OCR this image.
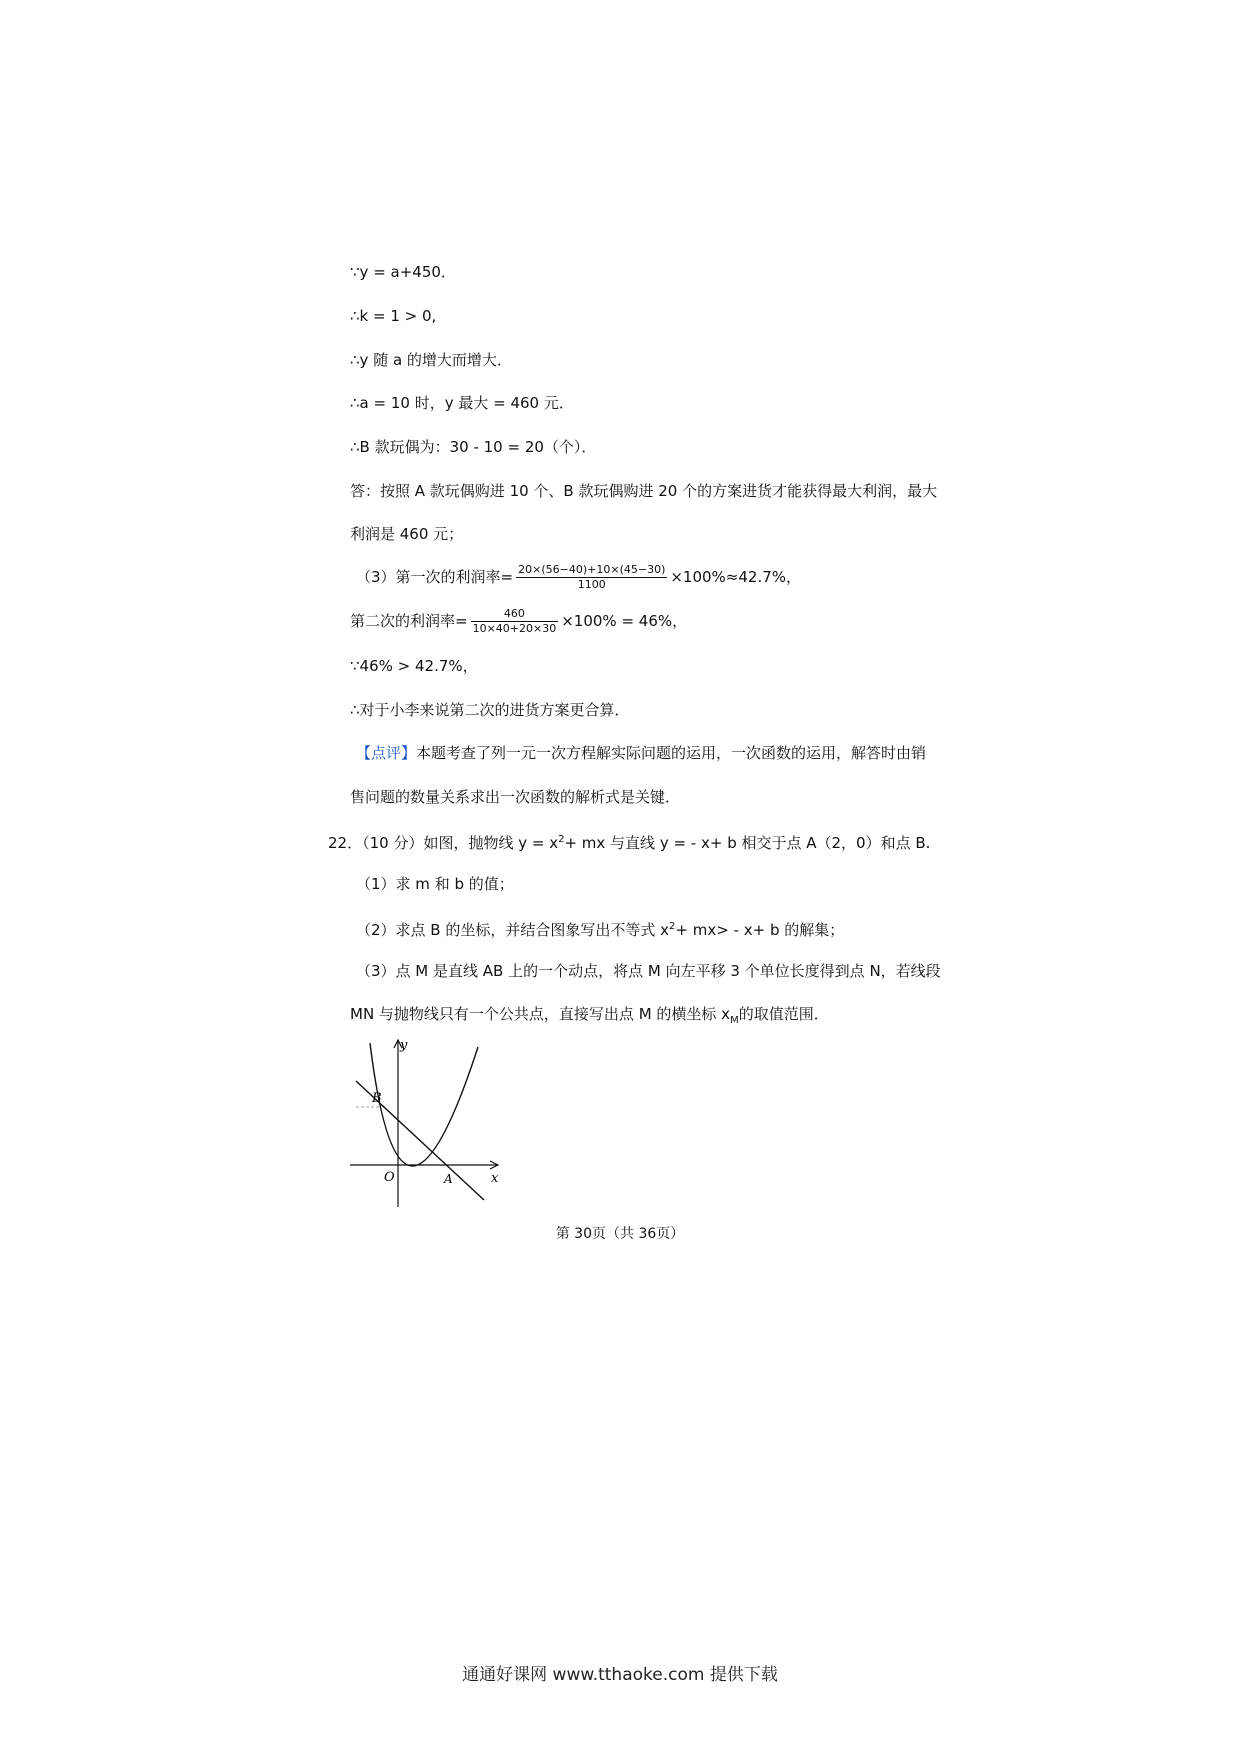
∵y = a+450．
∴k = 1 > 0,
∴y 随 a 的增大而增大．
∴a = 10 时，y 最大 = 460 元．
∴B 款玩偶为：30 - 10 = 20（个）．
答：按照 A 款玩偶购进 10 个、B 款玩偶购进 20 个的方案进货才能获得最大利润，最大
利润是 460 元；
（3）第一次的利润率= $\frac{20\times(56-40)+10\times(45-30)}{1100} \times 100\%\approx 42.7\%$，
第二次的利润率= $\frac{460}{10\times 40+20\times 30} \times 100\% = 46\%$，
∵46% > 42.7%，
∴对于小李来说第二次的进货方案更合算．
【点评】本题考查了列一元一次方程解实际问题的运用，一次函数的运用，解答时由销
售问题的数量关系求出一次函数的解析式是关键．
22．（10 分）如图，抛物线 $y = x^2+$ mx 与直线 y = - x+ b 相交于点 A（2，0）和点 B.
（1）求 m 和 b 的值；
（2）求点 B 的坐标，并结合图象写出不等式 $x^2+ mx> - x+ b$ 的解集；
（3）点 M 是直线 AB 上的一个动点，将点 M 向左平移 3 个单位长度得到点 N，若线段
MN 与抛物线只有一个公共点，直接写出点 M 的横坐标 $x_M$的取值范围．
y
x
O	A
B
第 30页（共 36页）
通通好课网 www.tthaoke.com 提供下载
